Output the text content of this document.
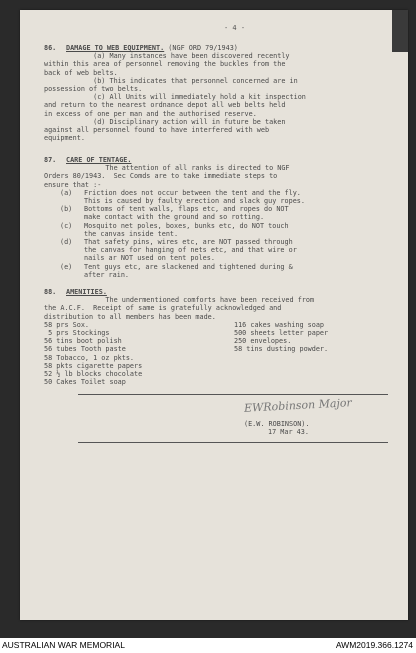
- 4 -
86. DAMAGE TO WEB EQUIPMENT. (NGF ORD 79/1943)
(a) Many instances have been discovered recently
within this area of personnel removing the buckles from the
back of web belts.
(b) This indicates that personnel concerned are in
possession of two belts.
(c) All Units will immediately hold a kit inspection
and return to the nearest ordnance depot all web belts held
in excess of one per man and the authorised reserve.
(d) Disciplinary action will in future be taken
against all personnel found to have interfered with web
equipment.
87. CARE OF TENTAGE.
The attention of all ranks is directed to NGF
Orders 80/1943.  Sec Comds are to take immediate steps to
ensure that :-
(a) Friction does not occur between the tent and the fly.
This is caused by faulty erection and slack guy ropes.
(b) Bottoms of tent walls, flaps etc, and ropes do NOT
make contact with the ground and so rotting.
(c) Mosquito net poles, boxes, bunks etc, do NOT touch
the canvas inside tent.
(d) That safety pins, wires etc, are NOT passed through
the canvas for hanging of nets etc, and that wire or
nails ar NOT used on tent poles.
(e) Tent guys etc, are slackened and tightened during &
after rain.
88. AMENITIES.
The undermentioned comforts have been received from
the A.C.F.  Receipt of same is gratefully acknowledged and
distribution to all members has been made.
58 prs Sox.
5 prs Stockings
56 tins boot polish
56 tubes Tooth paste
58 Tobacco, 1 oz pkts.
58 pkts cigarette papers
52 ½ lb blocks chocolate
50 Cakes Toilet soap
116 cakes washing soap
500 sheets letter paper
250 envelopes.
58 tins dusting powder.
EWRobinson Major
(E.W. ROBINSON).
17 Mar 43.
AUSTRALIAN WAR MEMORIAL	AWM2019.366.1274
